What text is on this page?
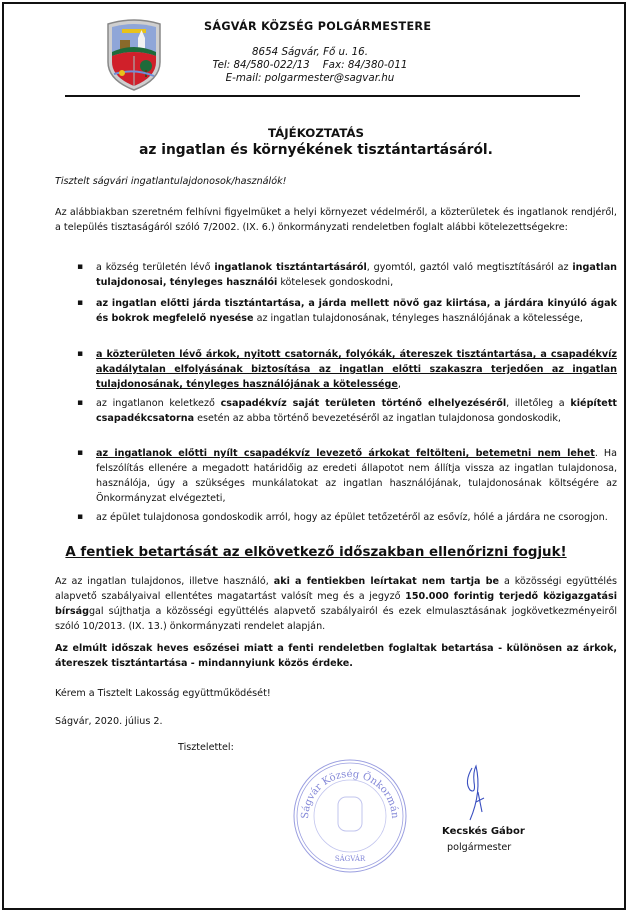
SÁGVÁR KÖZSÉG POLGÁRMESTERE
8654 Ságvár, Fő u. 16.
Tel: 84/580-022/13    Fax: 84/380-011
E-mail: polgarmester@sagvar.hu
TÁJÉKOZTATÁS
az ingatlan és környékének tisztántartásáról.
Tisztelt ságvári ingatlantulajdonosok/használók!
Az alábbiakban szeretném felhívni figyelmüket a helyi környezet védelméről, a közterületek és ingatlanok rendjéről, a település tisztaságáról szóló 7/2002. (IX. 6.) önkormányzati rendeletben foglalt alábbi kötelezettségekre:
▪ a község területén lévő ingatlanok tisztántartásáról, gyomtól, gaztól való megtisztításáról az ingatlan tulajdonosai, tényleges használói kötelesek gondoskodni,
▪ az ingatlan előtti járda tisztántartása, a járda mellett növő gaz kiirtása, a járdára kinyúló ágak és bokrok megfelelő nyesése az ingatlan tulajdonosának, tényleges használójának a kötelessége,
▪ a közterületen lévő árkok, nyitott csatornák, folyókák, átereszek tisztántartása, a csapadékvíz akadálytalan elfolyásának biztosítása az ingatlan előtti szakaszra terjedően az ingatlan tulajdonosának, tényleges használójának a kötelessége,
▪ az ingatlanon keletkező csapadékvíz saját területen történő elhelyezéséről, illetőleg a kiépített csapadékcsatorna esetén az abba történő bevezetéséről az ingatlan tulajdonosa gondoskodik,
▪ az ingatlanok előtti nyílt csapadékvíz levezető árkokat feltölteni, betemetni nem lehet. Ha felszólítás ellenére a megadott határidőig az eredeti állapotot nem állítja vissza az ingatlan tulajdonosa, használója, úgy a szükséges munkálatokat az ingatlan használójának, tulajdonosának költségére az Önkormányzat elvégezteti,
▪ az épület tulajdonosa gondoskodik arról, hogy az épület tetőzetéről az esővíz, hólé a járdára ne csorogjon.
A fentiek betartását az elkövetkező időszakban ellenőrizni fogjuk!
Az az ingatlan tulajdonos, illetve használó, aki a fentiekben leírtakat nem tartja be a közösségi együttélés alapvető szabályaival ellentétes magatartást valósít meg és a jegyző 150.000 forintig terjedő közigazgatási bírsággal sújthatja a közösségi együttélés alapvető szabályairól és ezek elmulasztásának jogkövetkezményeiről szóló 10/2013. (IX. 13.) önkormányzati rendelet alapján.
Az elmúlt időszak heves esőzései miatt a fenti rendeletben foglaltak betartása - különösen az árkok, átereszek tisztántartása - mindannyiunk közös érdeke.
Kérem a Tisztelt Lakosság együttműködését!
Ságvár, 2020. július 2.
Tisztelettel:
Ságvár Község Önkormán
SÁGVÁR
Kecskés Gábor
polgármester
